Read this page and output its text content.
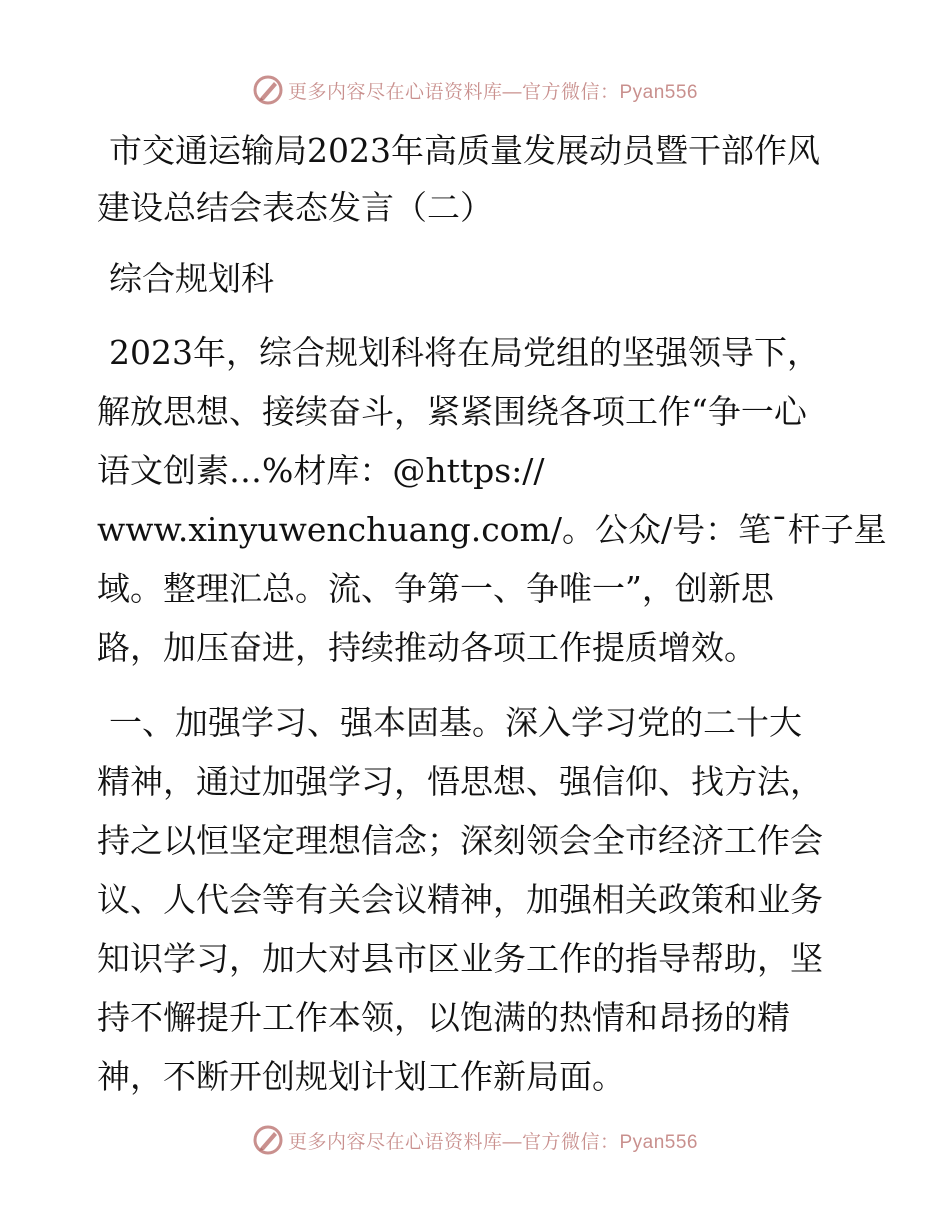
更多内容尽在心语资料库—官方微信：Pyan556
市交通运输局2023年高质量发展动员暨干部作风
建设总结会表态发言（二）

综合规划科

2023年，综合规划科将在局党组的坚强领导下，
解放思想、接续奋斗，紧紧围绕各项工作“争一心
语文创素…%材库：@https://
www.xinyuwenchuang.com/。公众/号：笔¯杆子星
域。整理汇总。流、争第一、争唯一”，创新思
路，加压奋进，持续推动各项工作提质增效。

一、加强学习、强本固基。深入学习党的二十大
精神，通过加强学习，悟思想、强信仰、找方法，
持之以恒坚定理想信念；深刻领会全市经济工作会
议、人代会等有关会议精神，加强相关政策和业务
知识学习，加大对县市区业务工作的指导帮助，坚
持不懈提升工作本领，以饱满的热情和昂扬的精
神，不断开创规划计划工作新局面。

更多内容尽在心语资料库—官方微信：Pyan556
